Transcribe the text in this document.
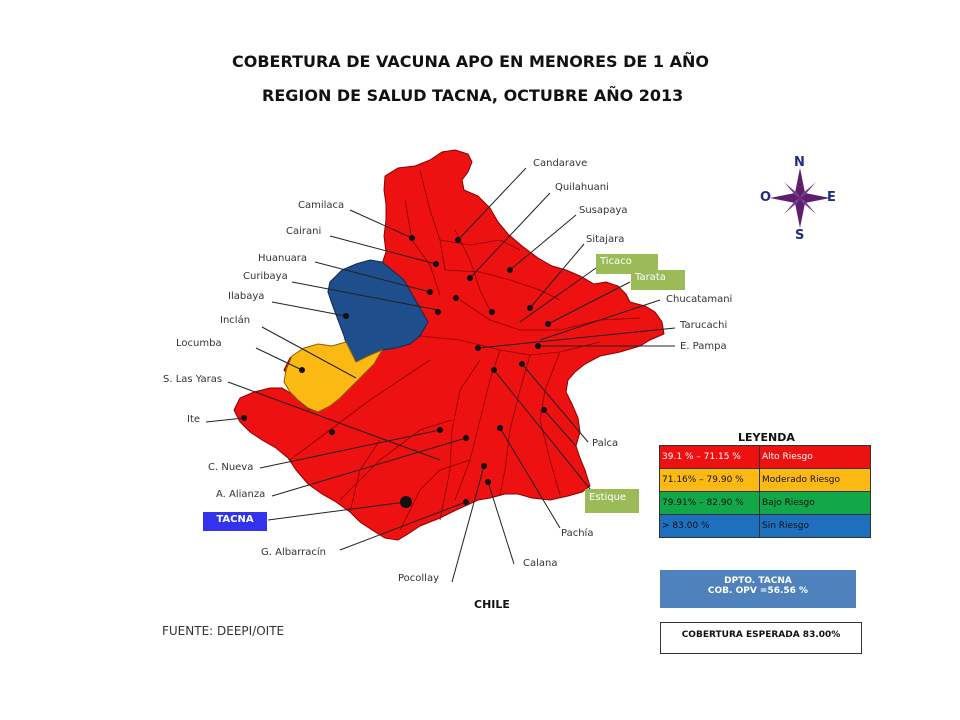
COBERTURA DE VACUNA APO EN MENORES DE 1 AÑO
REGION DE SALUD TACNA, OCTUBRE AÑO 2013
N
S
E
O
Candarave
Quilahuani
Susapaya
Sitajara
Ticaco
Tarata
Chucatamani
Tarucachi
E. Pampa
Camilaca
Cairani
Huanuara
Curibaya
Ilabaya
Inclán
Locumba
S. Las Yaras
Ite
C. Nueva
A. Alianza
TACNA
G. Albarracín
Pocollay
Calana
Pachía
Estique
Palca
CHILE
FUENTE: DEEPI/OITE
LEYENDA
39.1 % – 71.15 %	Alto Riesgo
71.16% – 79.90 %	Moderado Riesgo
79.91% – 82.90 %	Bajo Riesgo
> 83.00 %	Sin Riesgo
DPTO. TACNA
COB. OPV =56.56 %
COBERTURA ESPERADA 83.00%
